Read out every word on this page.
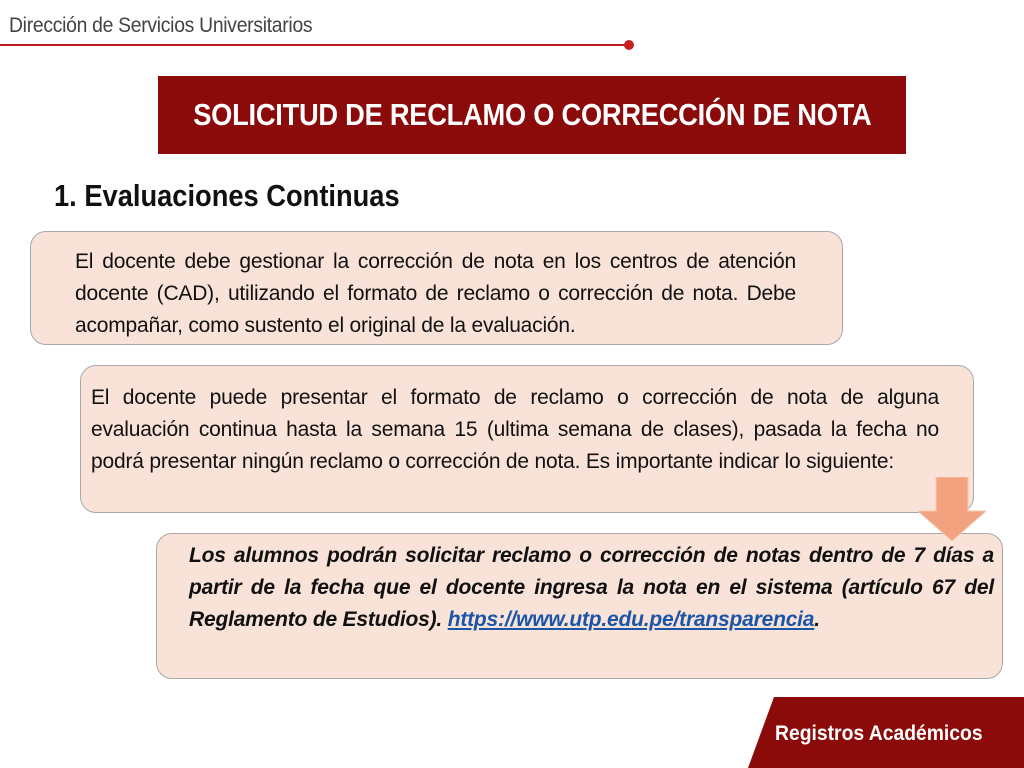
Dirección de Servicios Universitarios
SOLICITUD DE RECLAMO O CORRECCIÓN DE NOTA
1. Evaluaciones Continuas
El docente debe gestionar la corrección de nota en los centros de atención docente (CAD), utilizando el formato de reclamo o corrección de nota. Debe acompañar, como sustento el original de la evaluación.
El docente puede presentar el formato de reclamo o corrección de nota de alguna evaluación continua hasta la semana 15 (ultima semana de clases), pasada la fecha no podrá presentar ningún reclamo o corrección de nota. Es importante indicar lo siguiente:
Los alumnos podrán solicitar reclamo o corrección de notas dentro de 7 días a partir de la fecha que el docente ingresa la nota en el sistema (artículo 67 del Reglamento de Estudios). https://www.utp.edu.pe/transparencia.
Registros Académicos
